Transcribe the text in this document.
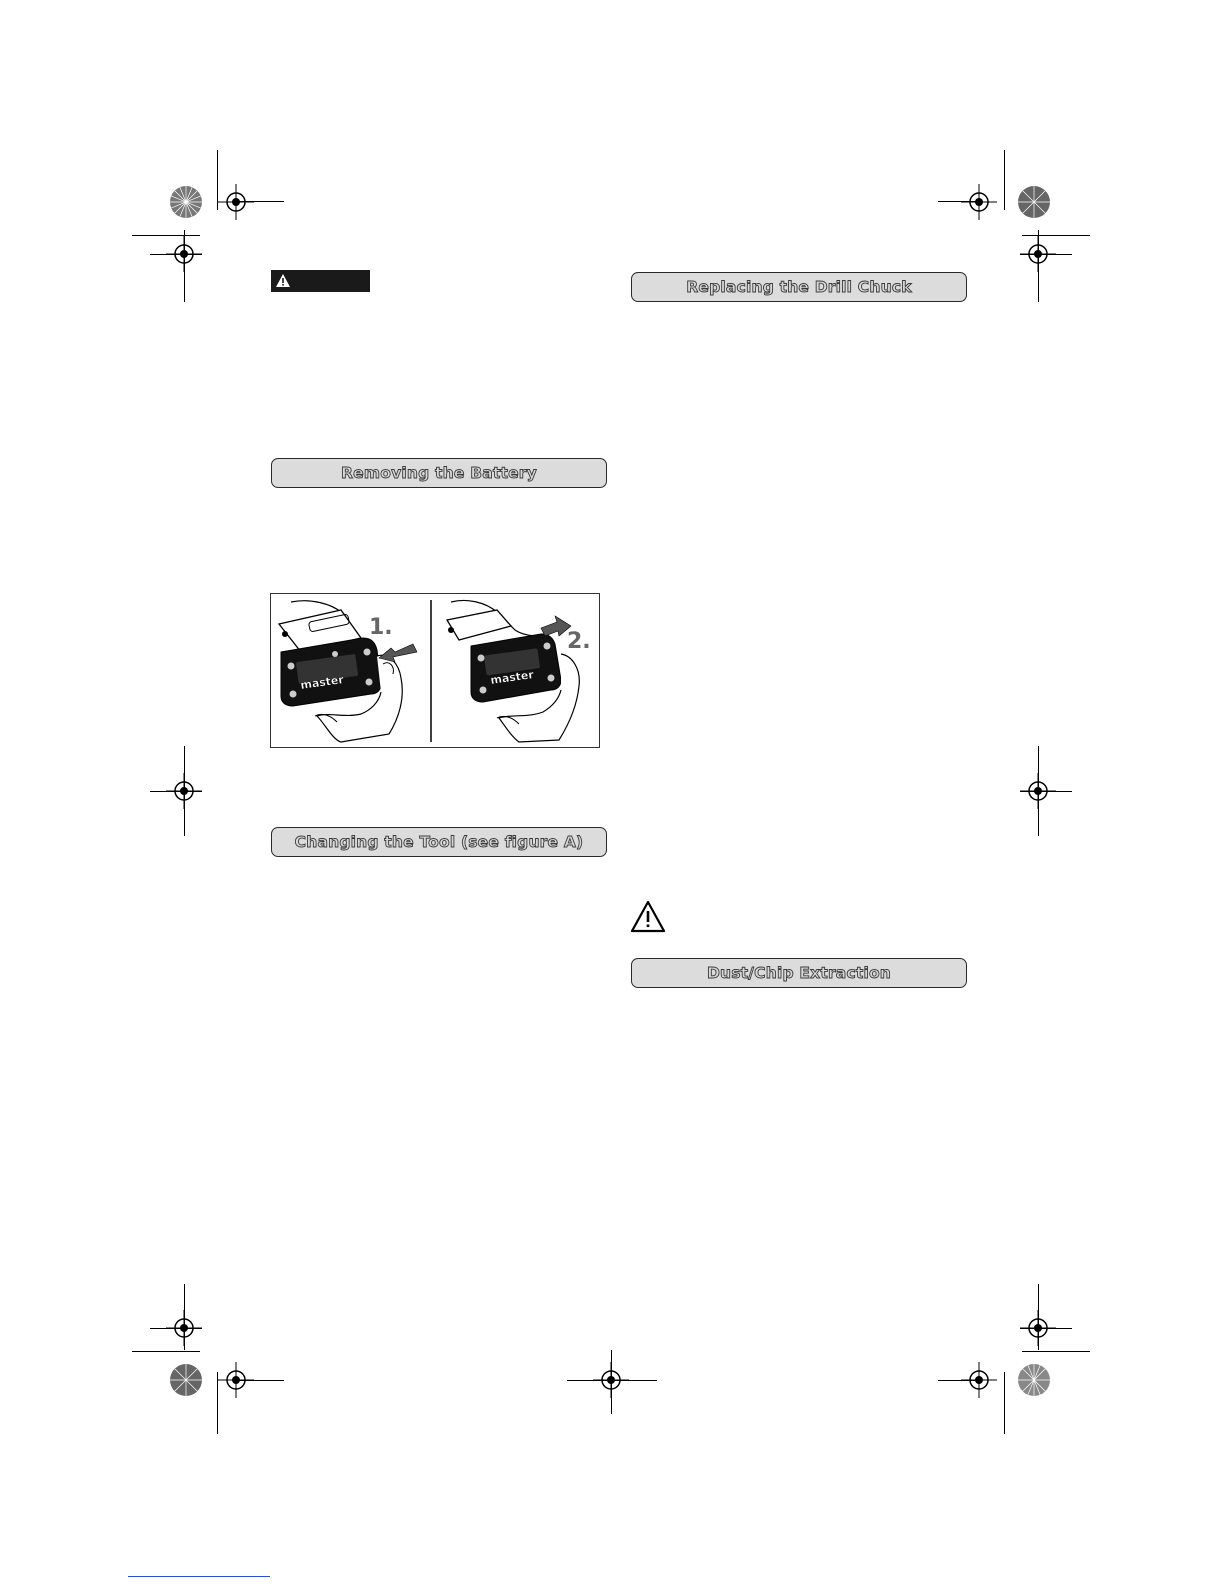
Removing the Battery
master
1.
master
2.
Changing the Tool (see figure A)
Replacing the Drill Chuck
Dust/Chip Extraction
